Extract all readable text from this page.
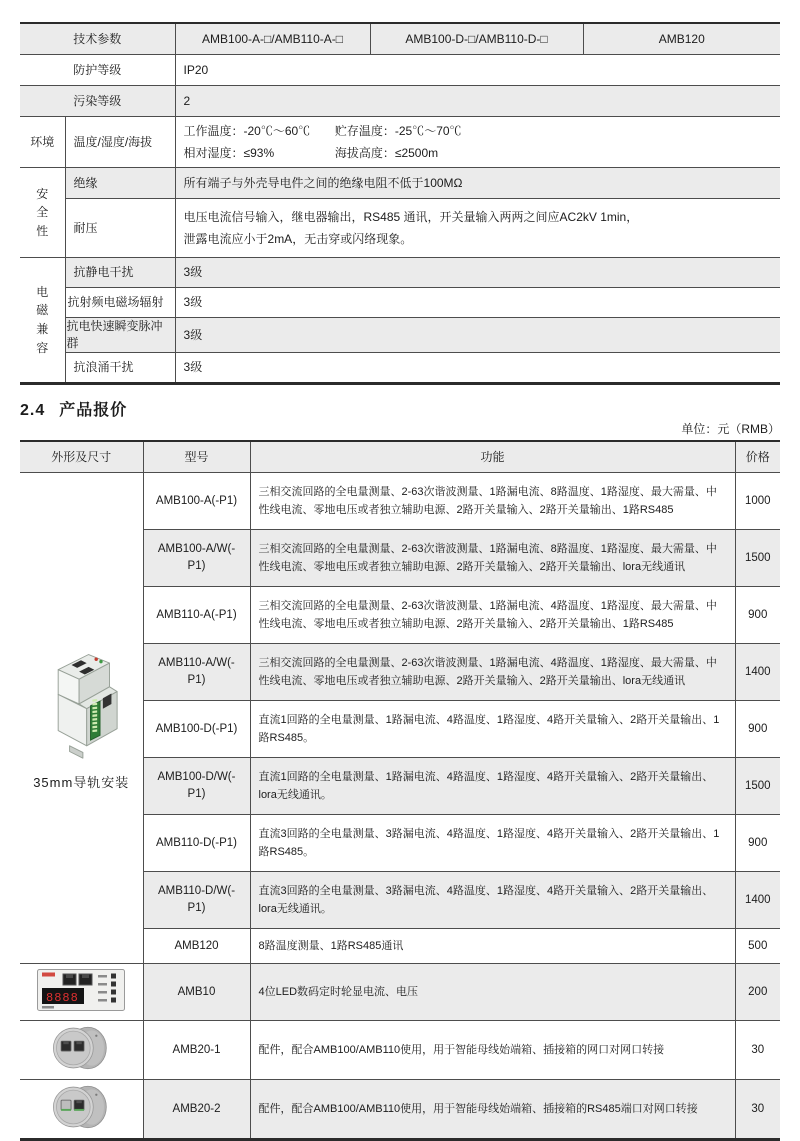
技术参数		AMB100-A-□/AMB110-A-□	AMB100-D-□/AMB110-D-□	AMB120
防护等级		IP20		
污染等级		2		
环境	温度/湿度/海拔	工作温度：-20℃～60℃ 贮存温度：-25℃～70℃
相对湿度：≤93% 海拔高度：≤2500m		

安全性	绝缘	所有端子与外壳导电件之间的绝缘电阻不低于100MΩ		
	耐压	电压电流信号输入，继电器输出，RS485 通讯，开关量输入两两之间应AC2kV 1min，
泄露电流应小于2mA，无击穿或闪络现象。		

电磁兼容	抗静电干扰	3级		
	抗射频电磁场辐射	3级		
	抗电快速瞬变脉冲群	3级		
	抗浪涌干扰	3级		
2.4 产品报价
单位：元（RMB）
外形及尺寸	型号	功能	价格

35mm导轨安装	AMB100-A(-P1)	三相交流回路的全电量测量、2-63次谐波测量、1路漏电流、8路温度、1路湿度、最大需量、中性线电流、零地电压或者独立辅助电源、2路开关量输入、2路开关量输出、1路RS485	1000
	AMB100-A/W(-P1)	三相交流回路的全电量测量、2-63次谐波测量、1路漏电流、8路温度、1路湿度、最大需量、中性线电流、零地电压或者独立辅助电源、2路开关量输入、2路开关量输出、lora无线通讯	1500
	AMB110-A(-P1)	三相交流回路的全电量测量、2-63次谐波测量、1路漏电流、4路温度、1路湿度、最大需量、中性线电流、零地电压或者独立辅助电源、2路开关量输入、2路开关量输出、1路RS485	900
	AMB110-A/W(-P1)	三相交流回路的全电量测量、2-63次谐波测量、1路漏电流、4路温度、1路湿度、最大需量、中性线电流、零地电压或者独立辅助电源、2路开关量输入、2路开关量输出、lora无线通讯	1400
	AMB100-D(-P1)	直流1回路的全电量测量、1路漏电流、4路温度、1路湿度、4路开关量输入、2路开关量输出、1路RS485。	900
	AMB100-D/W(-P1)	直流1回路的全电量测量、1路漏电流、4路温度、1路湿度、4路开关量输入、2路开关量输出、lora无线通讯。	1500
	AMB110-D(-P1)	直流3回路的全电量测量、3路漏电流、4路温度、1路湿度、4路开关量输入、2路开关量输出、1路RS485。	900
	AMB110-D/W(-P1)	直流3回路的全电量测量、3路漏电流、4路温度、1路湿度、4路开关量输入、2路开关量输出、lora无线通讯。	1400
	AMB120	8路温度测量、1路RS485通讯	500

8888	AMB10	4位LED数码定时轮显电流、电压	200
	AMB20-1	配件，配合AMB100/AMB110使用，用于智能母线始端箱、插接箱的网口对网口转接	30
	AMB20-2	配件，配合AMB100/AMB110使用，用于智能母线始端箱、插接箱的RS485端口对网口转接	30
